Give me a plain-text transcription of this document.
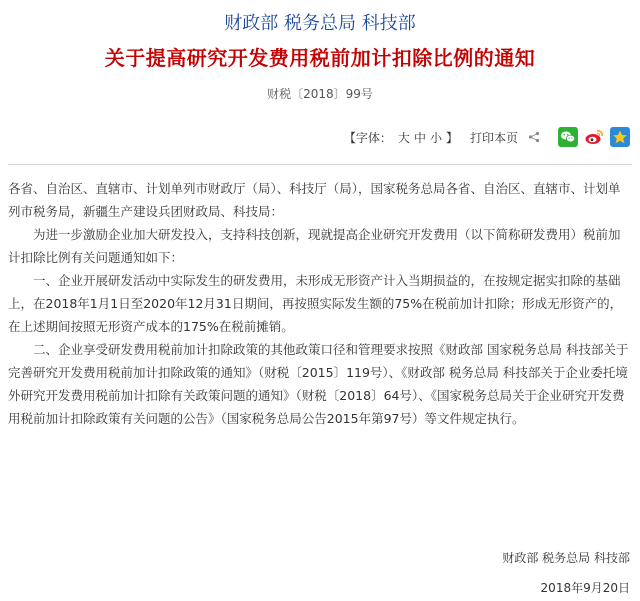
财政部 税务总局 科技部
关于提高研究开发费用税前加计扣除比例的通知
财税〔2018〕99号
【字体： 大 中 小 】 打印本页

各省、自治区、直辖市、计划单列市财政厅（局）、科技厅（局），国家税务总局各省、自治区、直辖市、计划单列市税务局，新疆生产建设兵团财政局、科技局：

为进一步激励企业加大研发投入，支持科技创新，现就提高企业研究开发费用（以下简称研发费用）税前加计扣除比例有关问题通知如下：

一、企业开展研发活动中实际发生的研发费用，未形成无形资产计入当期损益的，在按规定据实扣除的基础上，在2018年1月1日至2020年12月31日期间，再按照实际发生额的75%在税前加计扣除；形成无形资产的，在上述期间按照无形资产成本的175%在税前摊销。

二、企业享受研发费用税前加计扣除政策的其他政策口径和管理要求按照《财政部 国家税务总局 科技部关于完善研究开发费用税前加计扣除政策的通知》（财税〔2015〕119号）、《财政部 税务总局 科技部关于企业委托境外研究开发费用税前加计扣除有关政策问题的通知》（财税〔2018〕64号）、《国家税务总局关于企业研究开发费用税前加计扣除政策有关问题的公告》（国家税务总局公告2015年第97号）等文件规定执行。

财政部 税务总局 科技部
2018年9月20日
